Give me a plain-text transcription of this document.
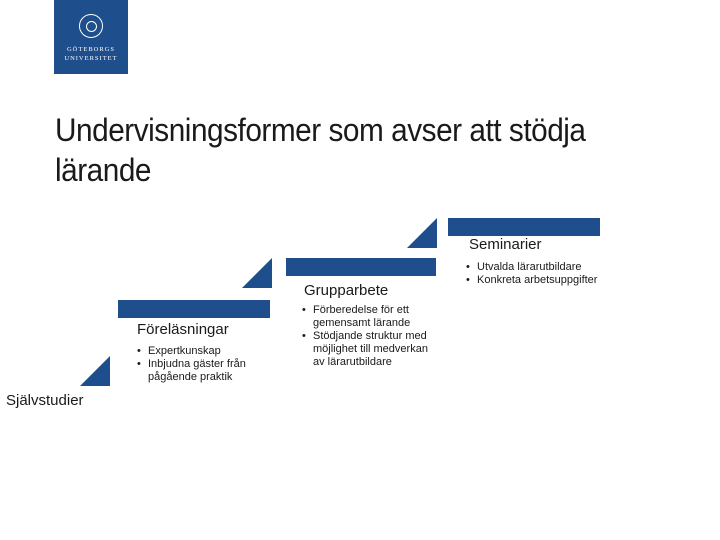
GÖTEBORGS
UNIVERSITET
Undervisningsformer som avser att stödja lärande
Självstudier
Föreläsningar
• Expertkunskap
• Inbjudna gäster från pågående praktik
Grupparbete
• Förberedelse för ett gemensamt lärande
• Stödjande struktur med möjlighet till medverkan av lärarutbildare
Seminarier
• Utvalda lärarutbildare
• Konkreta arbetsuppgifter
